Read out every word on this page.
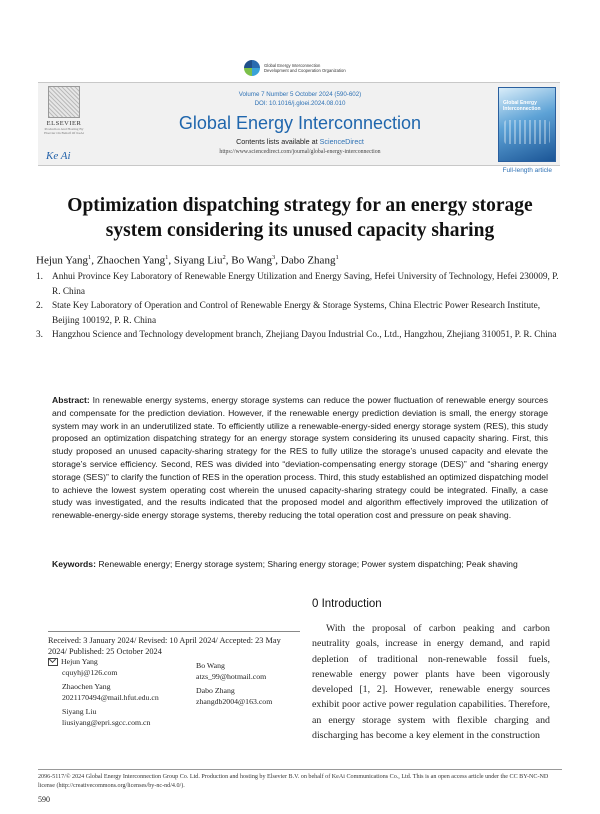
Global Energy Interconnection
Development and Cooperation Organization
ELSEVIER
Production And Hosting By Elsevier On Behalf Of KeAi
Ke Ai
Volume 7 Number 5 October 2024 (590-602)
DOI: 10.1016/j.gloei.2024.08.010
Global Energy Interconnection
Contents lists available at ScienceDirect
https://www.sciencedirect.com/journal/global-energy-interconnection
Global Energy Interconnection
Full-length article
Optimization dispatching strategy for an energy storage system considering its unused capacity sharing
Hejun Yang$^1$, Zhaochen Yang$^1$, Siyang Liu$^2$, Bo Wang$^3$, Dabo Zhang$^1$
1. Anhui Province Key Laboratory of Renewable Energy Utilization and Energy Saving, Hefei University of Technology, Hefei 230009, P. R. China
2. State Key Laboratory of Operation and Control of Renewable Energy & Storage Systems, China Electric Power Research Institute, Beijing 100192, P. R. China
3. Hangzhou Science and Technology development branch, Zhejiang Dayou Industrial Co., Ltd., Hangzhou, Zhejiang 310051, P. R. China
Abstract: In renewable energy systems, energy storage systems can reduce the power fluctuation of renewable energy sources and compensate for the prediction deviation. However, if the renewable energy prediction deviation is small, the energy storage system may work in an underutilized state. To efficiently utilize a renewable-energy-sided energy storage system (RES), this study proposed an optimization dispatching strategy for an energy storage system considering its unused capacity sharing. First, this study proposed an unused capacity-sharing strategy for the RES to fully utilize the storage’s unused capacity and elevate the storage’s service efficiency. Second, RES was divided into “deviation-compensating energy storage (DES)” and “sharing energy storage (SES)” to clarify the function of RES in the operation process. Third, this study established an optimized dispatching model to achieve the lowest system operating cost wherein the unused capacity-sharing strategy could be integrated. Finally, a case study was investigated, and the results indicated that the proposed model and algorithm effectively improved the utilization of renewable-energy-side energy storage systems, thereby reducing the total operation cost and pressure on peak shaving.
Keywords: Renewable energy; Energy storage system; Sharing energy storage; Power system dispatching; Peak shaving
Received: 3 January 2024/ Revised: 10 April 2024/ Accepted: 23 May 2024/ Published: 25 October 2024
Hejun Yang
cquyhj@126.com
Zhaochen Yang
2021170494@mail.hfut.edu.cn
Siyang Liu
liusiyang@epri.sgcc.com.cn
Bo Wang
atzs_99@hotmail.com
Dabo Zhang
zhangdb2004@163.com
0 Introduction
With the proposal of carbon peaking and carbon neutrality goals, increase in energy demand, and rapid depletion of traditional non-renewable fossil fuels, renewable energy power plants have been vigorously developed [1, 2]. However, renewable energy sources exhibit poor active power regulation capabilities. Therefore, an energy storage system with flexible charging and discharging has become a key element in the construction
2096-5117/© 2024 Global Energy Interconnection Group Co. Ltd. Production and hosting by Elsevier B.V. on behalf of KeAi Communications Co., Ltd. This is an open access article under the CC BY-NC-ND license (http://creativecommons.org/licenses/by-nc-nd/4.0/).
590
